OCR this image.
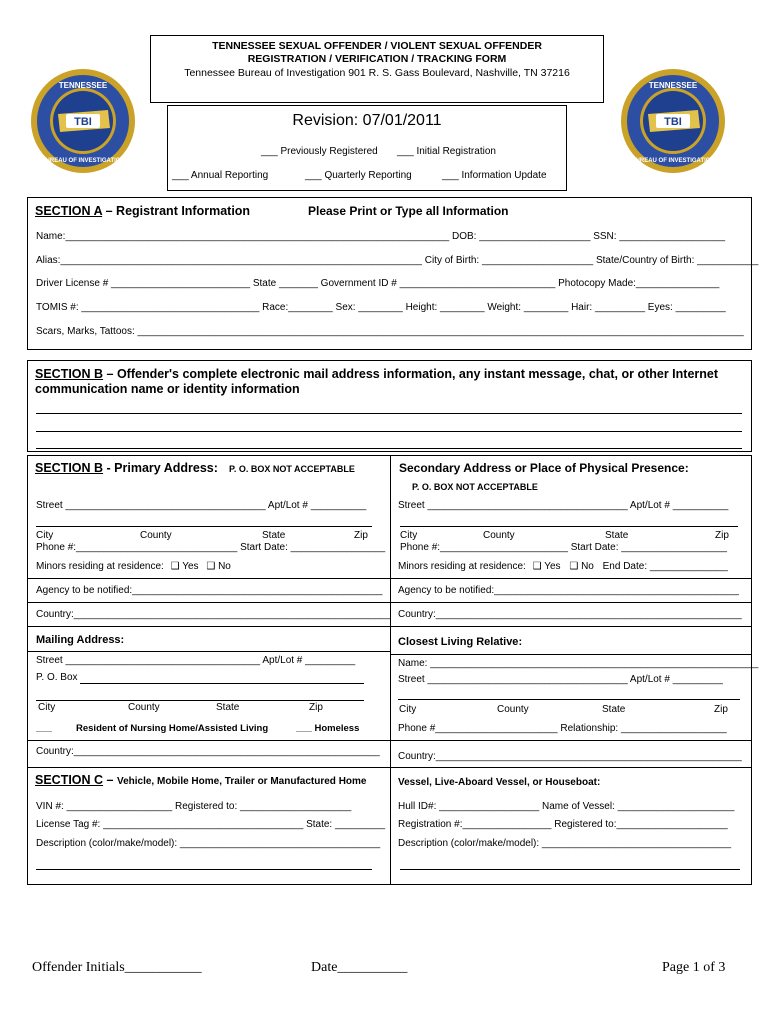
TBI
TENNESSEE
BUREAU OF INVESTIGATION
TBI
TENNESSEE
BUREAU OF INVESTIGATION
TENNESSEE SEXUAL OFFENDER / VIOLENT SEXUAL OFFENDER
REGISTRATION / VERIFICATION / TRACKING FORM
Tennessee Bureau of Investigation 901 R. S. Gass Boulevard, Nashville, TN 37216
Revision: 07/01/2011
___ Previously Registered ___ Initial Registration
___ Annual Reporting	___ Quarterly Reporting	___ Information Update
SECTION A – Registrant Information	Please Print or Type all Information
Name:_____________________________________________________________________ DOB: ____________________ SSN: ___________________
Alias:_________________________________________________________________ City of Birth: ____________________ State/Country of Birth: ___________
Driver License # _________________________ State _______ Government ID # ____________________________ Photocopy Made:_______________
TOMIS #: ________________________________ Race:________ Sex: ________ Height: ________ Weight: ________ Hair: _________ Eyes: _________
Scars, Marks, Tattoos: _____________________________________________________________________________________________________________
SECTION B – Offender's complete electronic mail address information, any instant message, chat, or other Internet
communication name or identity information
SECTION B - Primary Address: P. O. BOX NOT ACCEPTABLE	Secondary Address or Place of Physical Presence:
P. O. BOX NOT ACCEPTABLE
Street ____________________________________ Apt/Lot # __________
City	County	State	Zip
Phone #:_____________________________ Start Date: _________________
Minors residing at residence: ❑ Yes ❑ No
Agency to be notified:_____________________________________________
Country:_________________________________________________________
Street ____________________________________ Apt/Lot # __________
City	County	State	Zip
Phone #:_______________________ Start Date: ___________________
Minors residing at residence: ❑ Yes ❑ No End Date: ______________
Agency to be notified:____________________________________________
Country:_______________________________________________________
Mailing Address:
Street ___________________________________ Apt/Lot # _________
P. O. Box
City	County	State	Zip
___	Resident of Nursing Home/Assisted Living	___ Homeless
Country:_______________________________________________________
Closest Living Relative:
Name: ___________________________________________________________
Street ____________________________________ Apt/Lot # _________
City	County	State	Zip
Phone #______________________ Relationship: ___________________
Country:_______________________________________________________
SECTION C – Vehicle, Mobile Home, Trailer or Manufactured Home	Vessel, Live-Aboard Vessel, or Houseboat:
VIN #: ___________________ Registered to: ____________________
License Tag #: ____________________________________ State: _________
Description (color/make/model): ____________________________________
Hull ID#: __________________ Name of Vessel: _____________________
Registration #:________________ Registered to:____________________
Description (color/make/model): __________________________________
Offender Initials___________	Date__________	Page 1 of 3
